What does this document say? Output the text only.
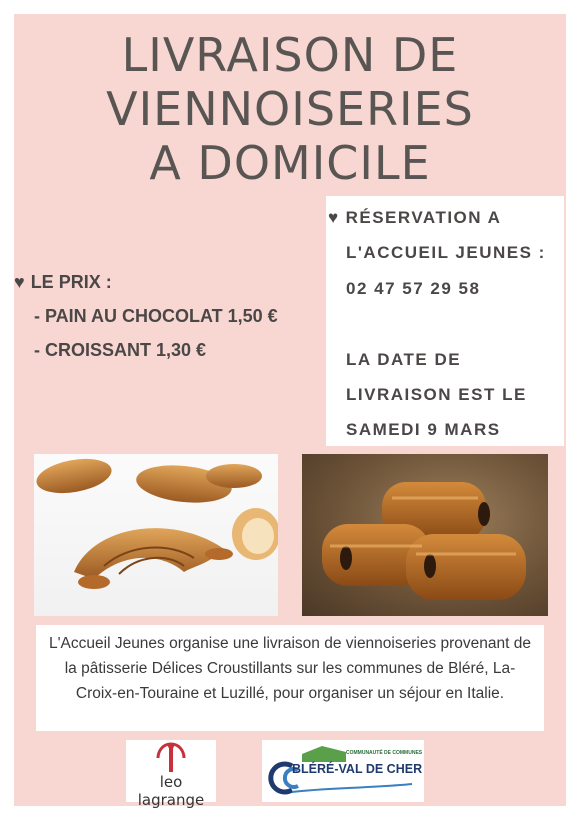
LIVRAISON DE
VIENNOISERIES
A DOMICILE
♥ RÉSERVATION A
L'ACCUEIL JEUNES :
02 47 57 29 58
LA DATE DE
LIVRAISON EST LE
SAMEDI 9 MARS
♥ LE PRIX :
- PAIN AU CHOCOLAT 1,50 €
- CROISSANT 1,30 €

L'Accueil Jeunes organise une livraison de viennoiseries provenant de la pâtisserie Délices Croustillants sur les communes de Bléré, La-Croix-en-Touraine et Luzillé, pour organiser un séjour en Italie.

leo lagrange
COMMUNAUTÉ DE COMMUNES
BLÉRÉ-VAL DE CHER
